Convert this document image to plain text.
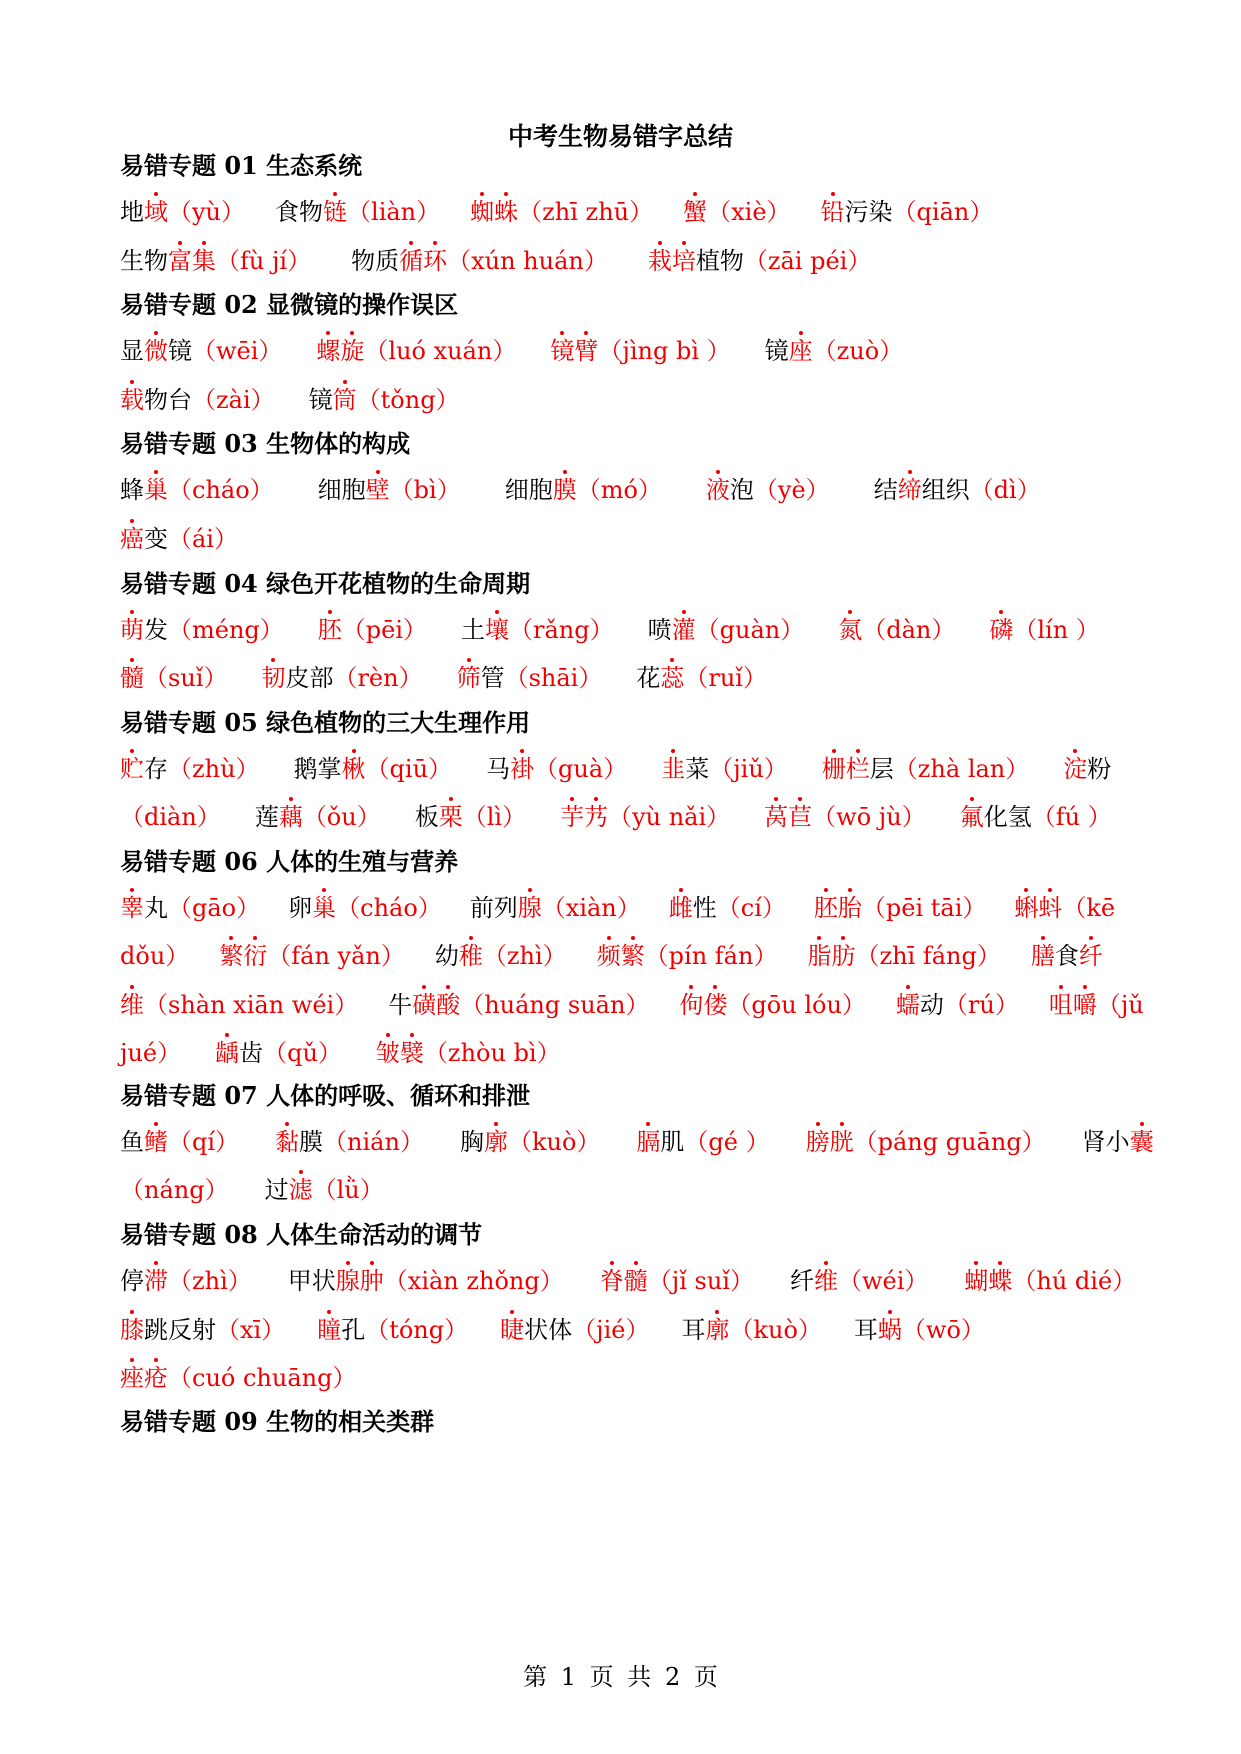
中考生物易错字总结
易错专题 01 生态系统
易错专题 02 显微镜的操作误区
易错专题 03 生物体的构成
易错专题 04 绿色开花植物的生命周期
易错专题 05 绿色植物的三大生理作用
易错专题 06 人体的生殖与营养
易错专题 07 人体的呼吸、循环和排泄
易错专题 08 人体生命活动的调节
易错专题 09 生物的相关类群
地域（yù） 食物链（liàn） 蜘蛛（zhī zhū） 蟹（xiè） 铅污染（qiān）
生物富集（fù jí） 物质循环（xún huán） 栽培植物（zāi péi）
显微镜（wēi） 螺旋（luó xuán） 镜臂（jìng bì ） 镜座（zuò）
载物台（zài） 镜筒（tǒng）
蜂巢（cháo） 细胞壁（bì） 细胞膜（mó） 液泡（yè） 结缔组织（dì）
癌变（ái）
萌发（méng） 胚（pēi） 土壤（rǎng） 喷灌（guàn） 氮（dàn） 磷（lín ）
髓（suǐ） 韧皮部（rèn） 筛管（shāi） 花蕊（ruǐ）
贮存（zhù） 鹅掌楸（qiū） 马褂（guà） 韭菜（jiǔ） 栅栏层（zhà lan） 淀粉
（diàn） 莲藕（ǒu） 板栗（lì） 芋艿（yù nǎi） 莴苣（wō jù） 氟化氢（fú ）
睾丸（gāo） 卵巢（cháo） 前列腺（xiàn） 雌性（cí） 胚胎（pēi tāi） 蝌蚪（kē
dǒu） 繁衍（fán yǎn） 幼稚（zhì） 频繁（pín fán） 脂肪（zhī fáng） 膳食纤
维（shàn xiān wéi） 牛磺酸（huáng suān） 佝偻（gōu lóu） 蠕动（rú） 咀嚼（jǔ
jué） 龋齿（qǔ） 皱襞（zhòu bì）
鱼鳍（qí） 黏膜（nián） 胸廓（kuò） 膈肌（gé ） 膀胱（páng guāng） 肾小囊
（náng） 过滤（lǜ）
停滞（zhì） 甲状腺肿（xiàn zhǒng） 脊髓（jǐ suǐ） 纤维（wéi） 蝴蝶（hú dié）
膝跳反射（xī） 瞳孔（tóng） 睫状体（jié） 耳廓（kuò） 耳蜗（wō）
痤疮（cuó chuāng）
第 1 页 共 2 页
